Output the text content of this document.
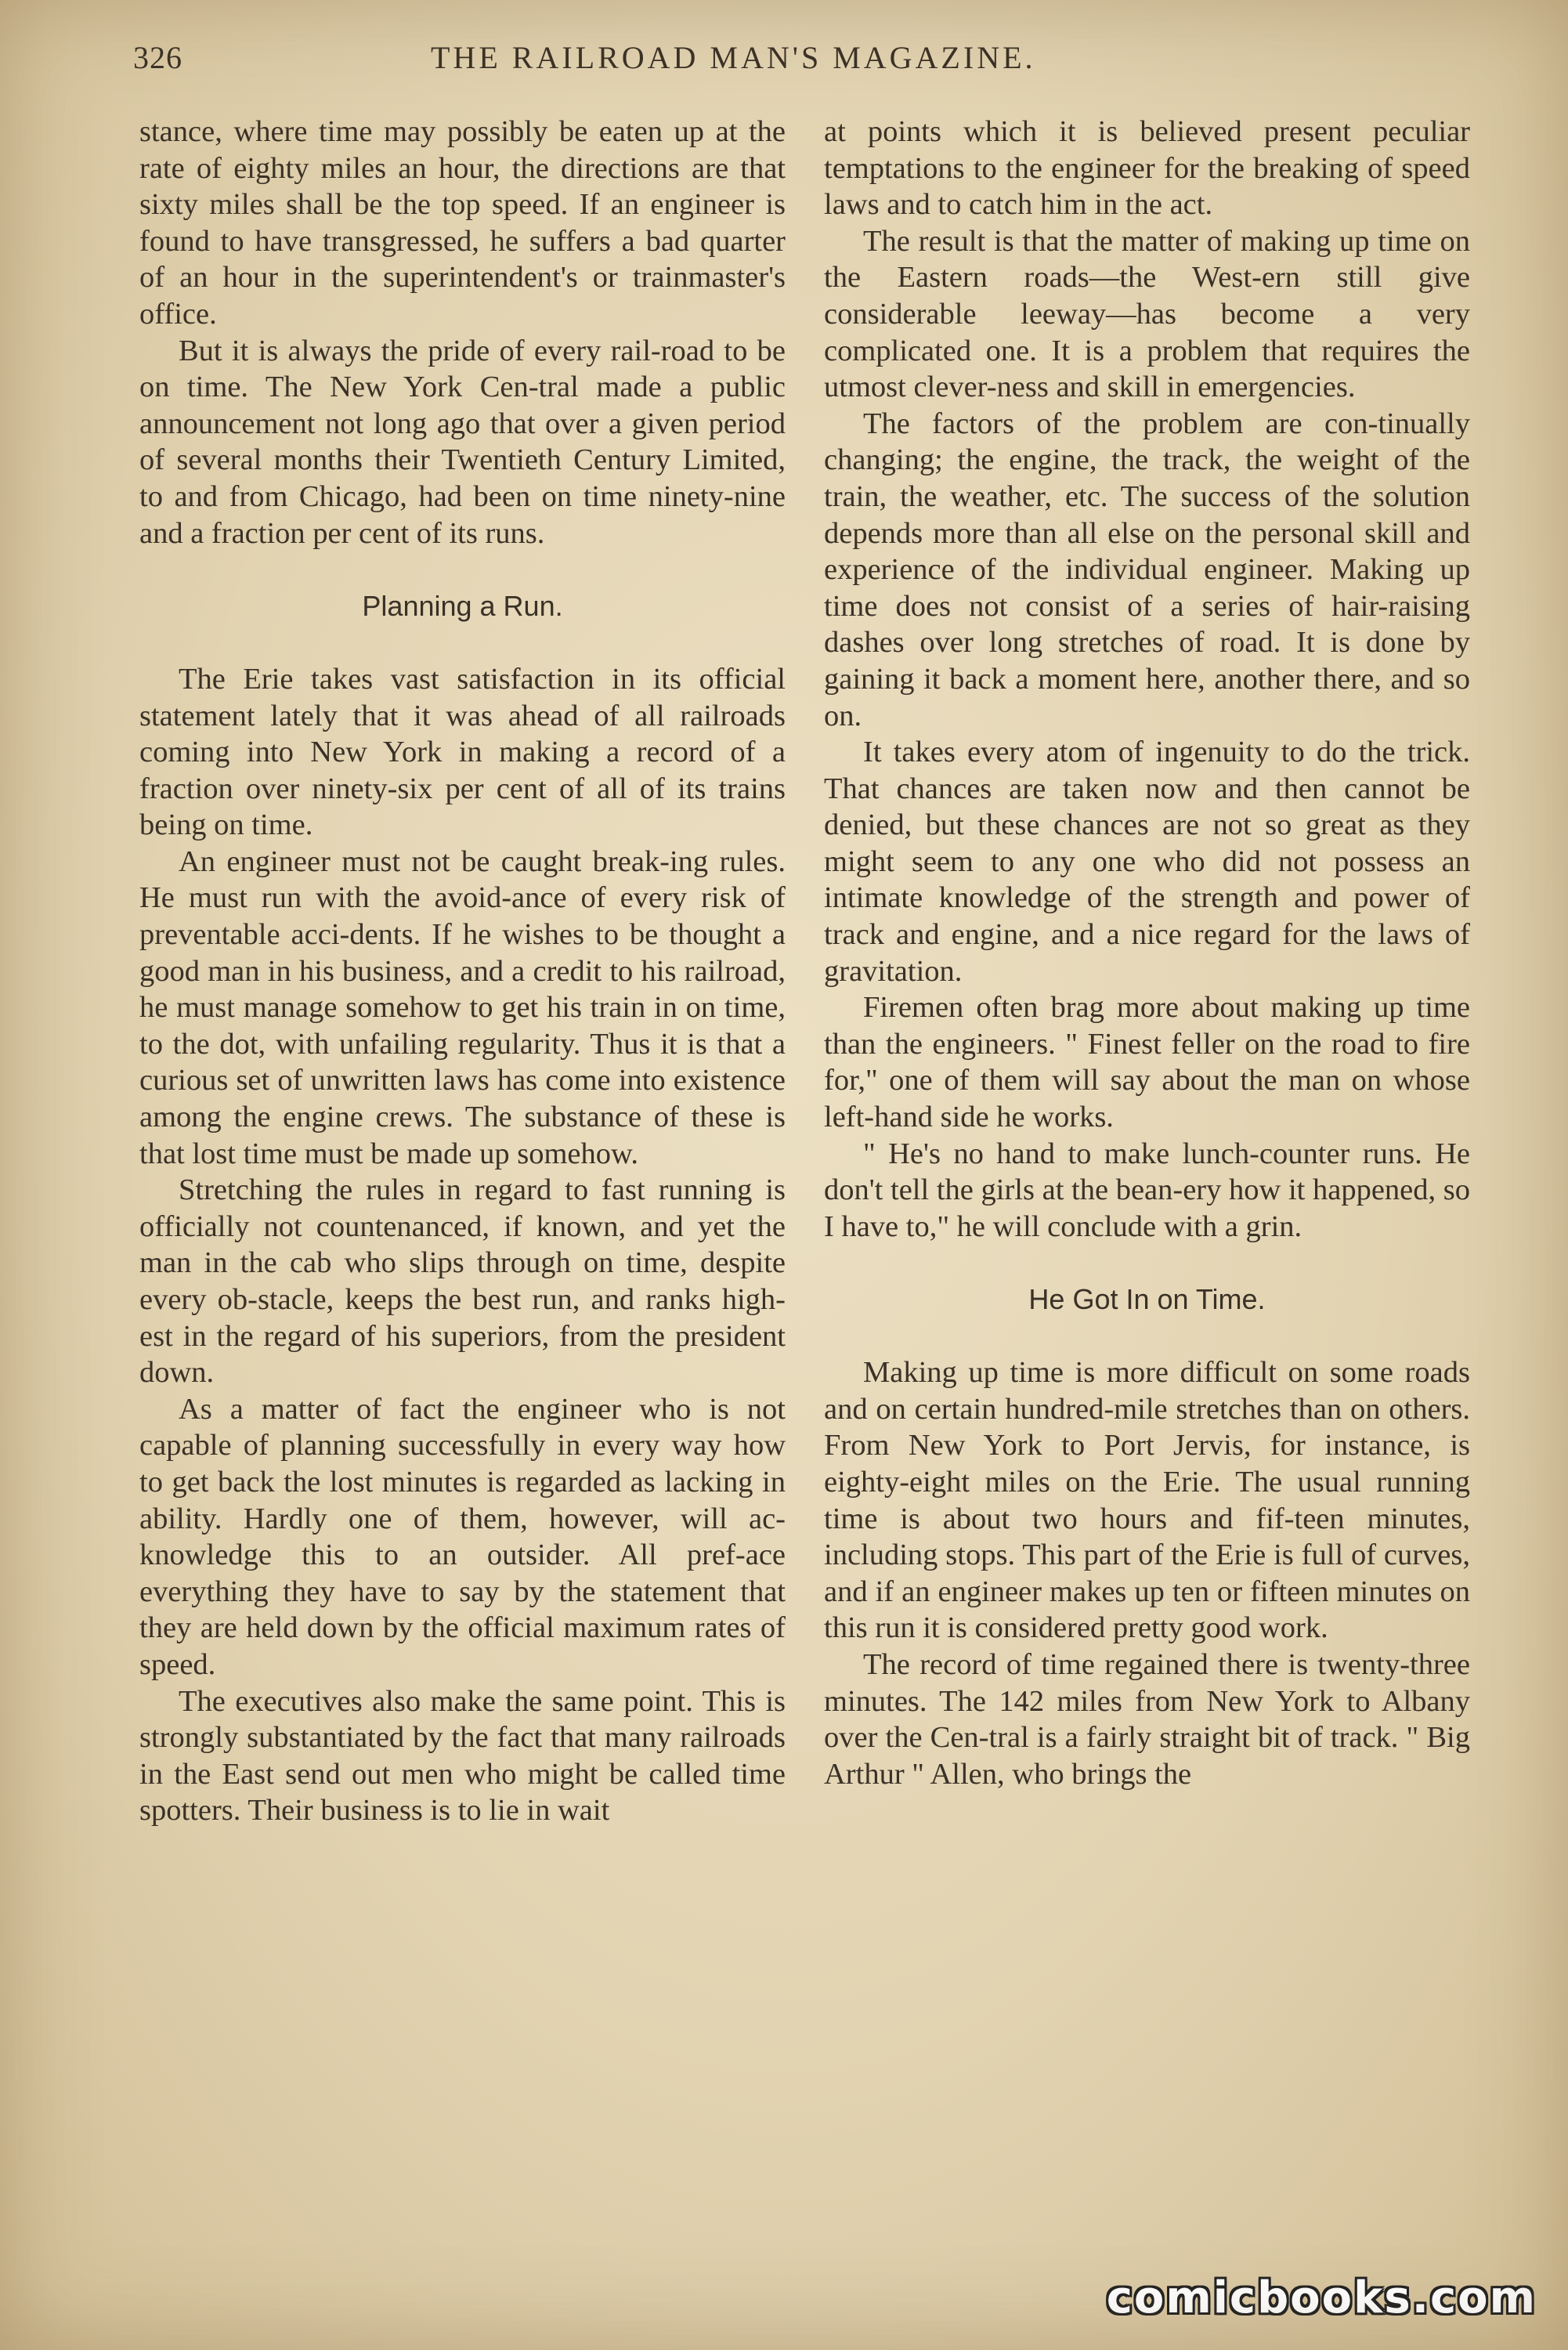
326	THE RAILROAD MAN'S MAGAZINE.

stance, where time may possibly be eaten up at the rate of eighty miles an hour, the directions are that sixty miles shall be the top speed. If an engineer is found to have transgressed, he suffers a bad quarter of an hour in the superintendent's or trainmaster's office.

But it is always the pride of every rail-road to be on time. The New York Cen-tral made a public announcement not long ago that over a given period of several months their Twentieth Century Limited, to and from Chicago, had been on time ninety-nine and a fraction per cent of its runs.

Planning a Run.

The Erie takes vast satisfaction in its official statement lately that it was ahead of all railroads coming into New York in making a record of a fraction over ninety-six per cent of all of its trains being on time.

An engineer must not be caught break-ing rules. He must run with the avoid-ance of every risk of preventable acci-dents. If he wishes to be thought a good man in his business, and a credit to his railroad, he must manage somehow to get his train in on time, to the dot, with unfailing regularity. Thus it is that a curious set of unwritten laws has come into existence among the engine crews. The substance of these is that lost time must be made up somehow.

Stretching the rules in regard to fast running is officially not countenanced, if known, and yet the man in the cab who slips through on time, despite every ob-stacle, keeps the best run, and ranks high-est in the regard of his superiors, from the president down.

As a matter of fact the engineer who is not capable of planning successfully in every way how to get back the lost minutes is regarded as lacking in ability. Hardly one of them, however, will ac-knowledge this to an outsider. All pref-ace everything they have to say by the statement that they are held down by the official maximum rates of speed.

The executives also make the same point. This is strongly substantiated by the fact that many railroads in the East send out men who might be called time spotters. Their business is to lie in wait

at points which it is believed present peculiar temptations to the engineer for the breaking of speed laws and to catch him in the act.

The result is that the matter of making up time on the Eastern roads—the West-ern still give considerable leeway—has become a very complicated one. It is a problem that requires the utmost clever-ness and skill in emergencies.

The factors of the problem are con-tinually changing; the engine, the track, the weight of the train, the weather, etc. The success of the solution depends more than all else on the personal skill and experience of the individual engineer. Making up time does not consist of a series of hair-raising dashes over long stretches of road. It is done by gaining it back a moment here, another there, and so on.

It takes every atom of ingenuity to do the trick. That chances are taken now and then cannot be denied, but these chances are not so great as they might seem to any one who did not possess an intimate knowledge of the strength and power of track and engine, and a nice regard for the laws of gravitation.

Firemen often brag more about making up time than the engineers. " Finest feller on the road to fire for," one of them will say about the man on whose left-hand side he works.

" He's no hand to make lunch-counter runs. He don't tell the girls at the bean-ery how it happened, so I have to," he will conclude with a grin.

He Got In on Time.

Making up time is more difficult on some roads and on certain hundred-mile stretches than on others. From New York to Port Jervis, for instance, is eighty-eight miles on the Erie. The usual running time is about two hours and fif-teen minutes, including stops. This part of the Erie is full of curves, and if an engineer makes up ten or fifteen minutes on this run it is considered pretty good work.

The record of time regained there is twenty-three minutes. The 142 miles from New York to Albany over the Cen-tral is a fairly straight bit of track. " Big Arthur " Allen, who brings the

comicbooks.com
